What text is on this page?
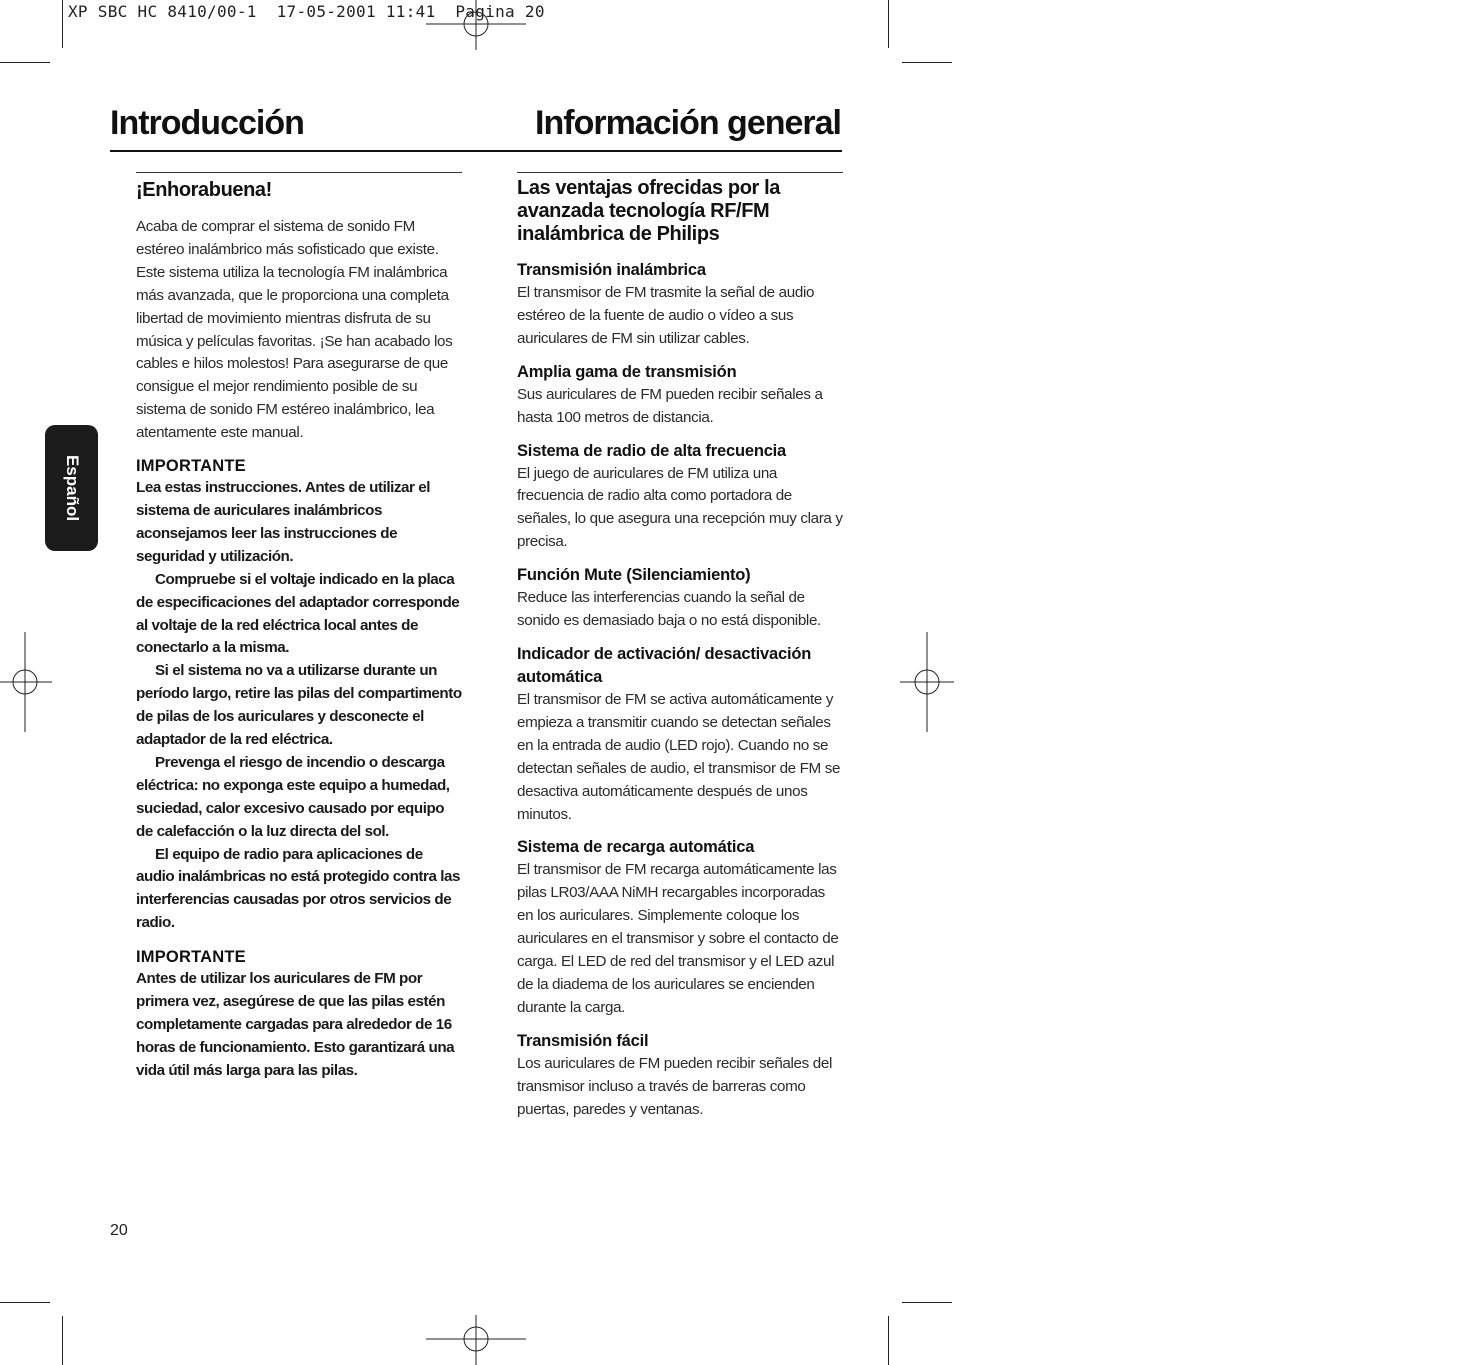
XP SBC HC 8410/00-1  17-05-2001 11:41  Pagina 20
Introducción	Información general
Español
¡Enhorabuena!

Acaba de comprar el sistema de sonido FM estéreo inalámbrico más sofisticado que existe. Este sistema utiliza la tecnología FM inalámbrica más avanzada, que le proporciona una completa libertad de movimiento mientras disfruta de su música y películas favoritas. ¡Se han acabado los cables e hilos molestos! Para asegurarse de que consigue el mejor rendimiento posible de su sistema de sonido FM estéreo inalámbrico, lea atentamente este manual.

IMPORTANTE

Lea estas instrucciones. Antes de utilizar el sistema de auriculares inalámbricos aconsejamos leer las instrucciones de seguridad y utilización.

Compruebe si el voltaje indicado en la placa de especificaciones del adaptador corresponde al voltaje de la red eléctrica local antes de conectarlo a la misma.

Si el sistema no va a utilizarse durante un período largo, retire las pilas del compartimento de pilas de los auriculares y desconecte el adaptador de la red eléctrica.

Prevenga el riesgo de incendio o descarga eléctrica: no exponga este equipo a humedad, suciedad, calor excesivo causado por equipo de calefacción o la luz directa del sol.

El equipo de radio para aplicaciones de audio inalámbricas no está protegido contra las interferencias causadas por otros servicios de radio.

IMPORTANTE

Antes de utilizar los auriculares de FM por primera vez, asegúrese de que las pilas estén completamente cargadas para alrededor de 16 horas de funcionamiento. Esto garantizará una vida útil más larga para las pilas.

Las ventajas ofrecidas por la avanzada tecnología RF/FM inalámbrica de Philips
Transmisión inalámbrica

El transmisor de FM trasmite la señal de audio estéreo de la fuente de audio o vídeo a sus auriculares de FM sin utilizar cables.

Amplia gama de transmisión

Sus auriculares de FM pueden recibir señales a hasta 100 metros de distancia.

Sistema de radio de alta frecuencia

El juego de auriculares de FM utiliza una frecuencia de radio alta como portadora de señales, lo que asegura una recepción muy clara y precisa.

Función Mute (Silenciamiento)

Reduce las interferencias cuando la señal de sonido es demasiado baja o no está disponible.

Indicador de activación/ desactivación automática

El transmisor de FM se activa automáticamente y empieza a transmitir cuando se detectan señales en la entrada de audio (LED rojo). Cuando no se detectan señales de audio, el transmisor de FM se desactiva automáticamente después de unos minutos.

Sistema de recarga automática

El transmisor de FM recarga automáticamente las pilas LR03/AAA NiMH recargables incorporadas en los auriculares. Simplemente coloque los auriculares en el transmisor y sobre el contacto de carga. El LED de red del transmisor y el LED azul de la diadema de los auriculares se encienden durante la carga.

Transmisión fácil

Los auriculares de FM pueden recibir señales del transmisor incluso a través de barreras como puertas, paredes y ventanas.

20
